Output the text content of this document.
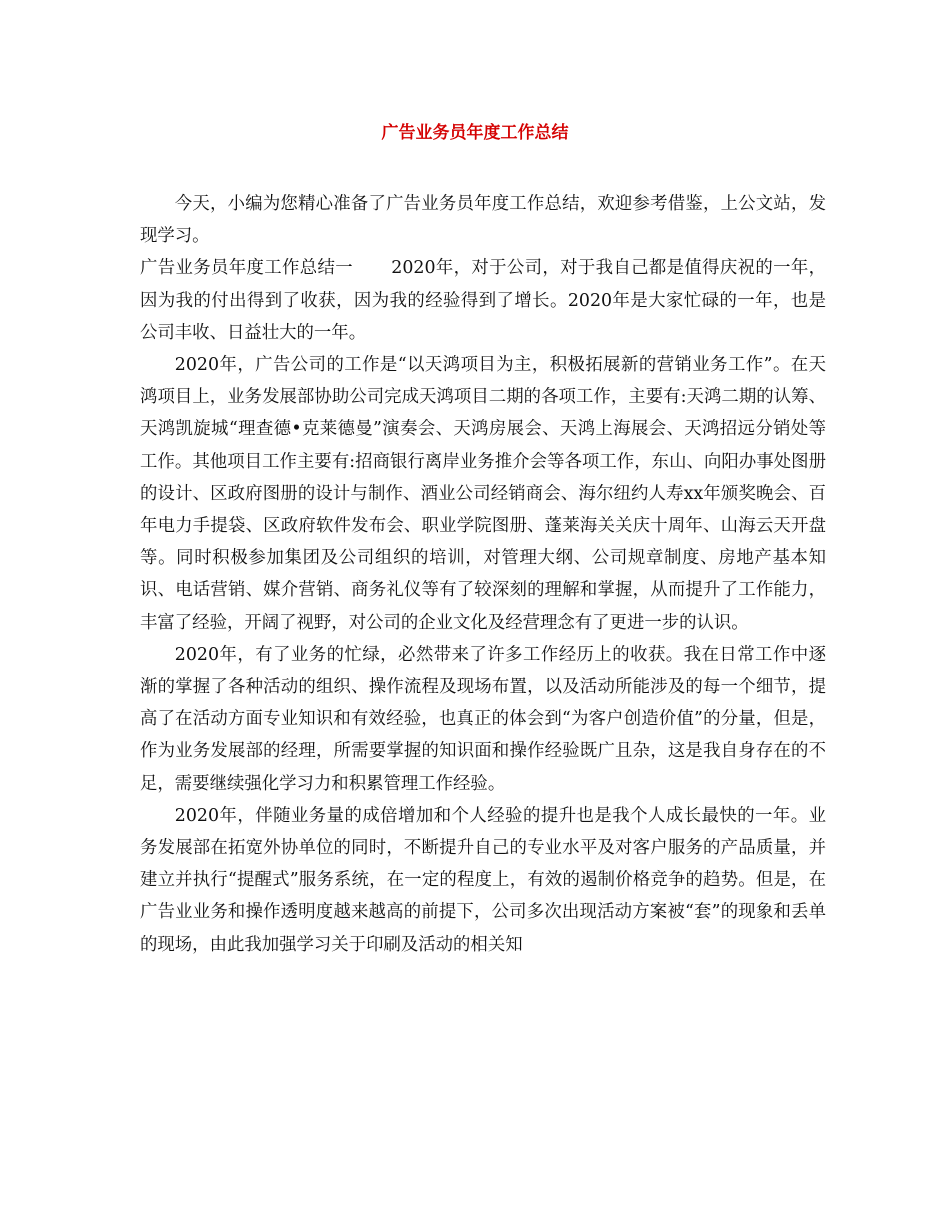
广告业务员年度工作总结

今天，小编为您精心准备了广告业务员年度工作总结，欢迎参考借鉴，上公文站，发现学习。

广告业务员年度工作总结一 2020年，对于公司，对于我自己都是值得庆祝的一年，因为我的付出得到了收获，因为我的经验得到了增长。2020年是大家忙碌的一年，也是公司丰收、日益壮大的一年。

2020年，广告公司的工作是“以天鸿项目为主，积极拓展新的营销业务工作”。在天鸿项目上，业务发展部协助公司完成天鸿项目二期的各项工作，主要有:天鸿二期的认筹、天鸿凯旋城“理查德•克莱德曼”演奏会、天鸿房展会、天鸿上海展会、天鸿招远分销处等工作。其他项目工作主要有:招商银行离岸业务推介会等各项工作，东山、向阳办事处图册的设计、区政府图册的设计与制作、酒业公司经销商会、海尔纽约人寿xx年颁奖晚会、百年电力手提袋、区政府软件发布会、职业学院图册、蓬莱海关关庆十周年、山海云天开盘等。同时积极参加集团及公司组织的培训，对管理大纲、公司规章制度、房地产基本知识、电话营销、媒介营销、商务礼仪等有了较深刻的理解和掌握，从而提升了工作能力，丰富了经验，开阔了视野，对公司的企业文化及经营理念有了更进一步的认识。

2020年，有了业务的忙绿，必然带来了许多工作经历上的收获。我在日常工作中逐渐的掌握了各种活动的组织、操作流程及现场布置，以及活动所能涉及的每一个细节，提高了在活动方面专业知识和有效经验，也真正的体会到“为客户创造价值”的分量，但是，作为业务发展部的经理，所需要掌握的知识面和操作经验既广且杂，这是我自身存在的不足，需要继续强化学习力和积累管理工作经验。

2020年，伴随业务量的成倍增加和个人经验的提升也是我个人成长最快的一年。业务发展部在拓宽外协单位的同时，不断提升自己的专业水平及对客户服务的产品质量，并建立并执行“提醒式”服务系统，在一定的程度上，有效的遏制价格竞争的趋势。但是，在广告业业务和操作透明度越来越高的前提下，公司多次出现活动方案被“套”的现象和丢单的现场，由此我加强学习关于印刷及活动的相关知
